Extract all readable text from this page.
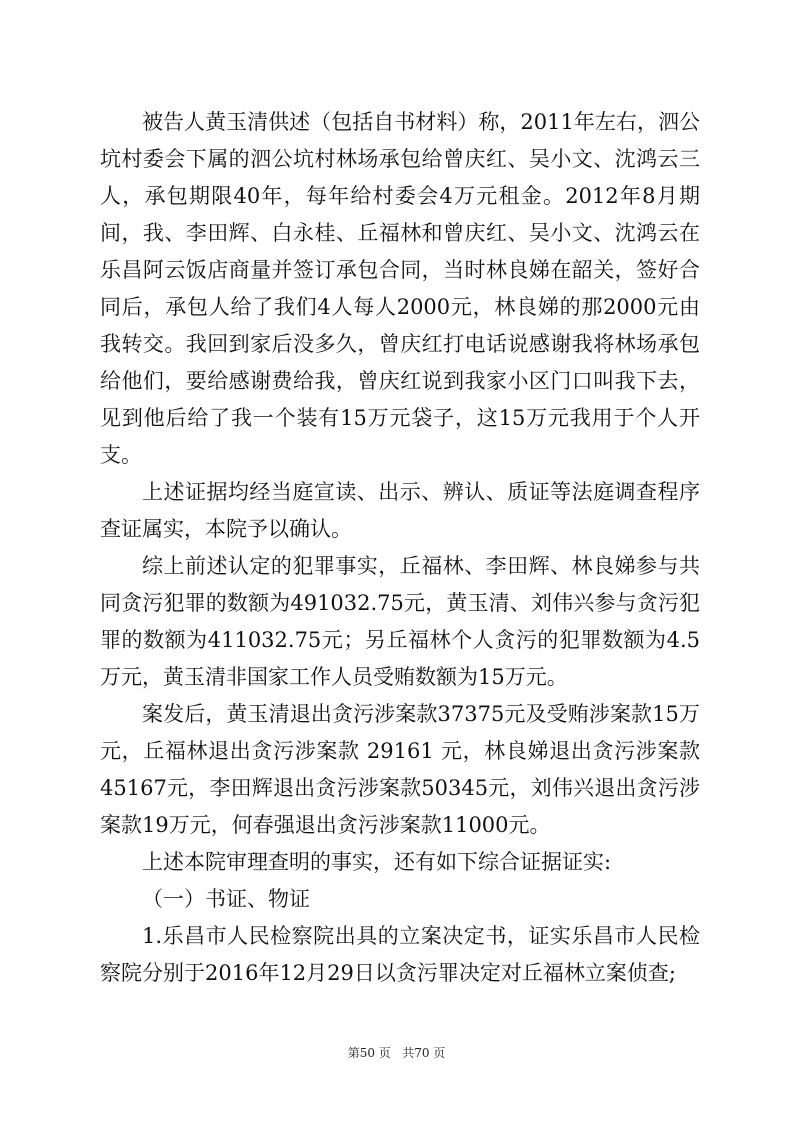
被告人黄玉清供述（包括自书材料）称，2011年左右，泗公坑村委会下属的泗公坑村林场承包给曾庆红、吴小文、沈鸿云三人，承包期限40年，每年给村委会4万元租金。2012年8月期间，我、李田辉、白永桂、丘福林和曾庆红、吴小文、沈鸿云在乐昌阿云饭店商量并签订承包合同，当时林良娣在韶关，签好合同后，承包人给了我们4人每人2000元，林良娣的那2000元由我转交。我回到家后没多久，曾庆红打电话说感谢我将林场承包给他们，要给感谢费给我，曾庆红说到我家小区门口叫我下去，见到他后给了我一个装有15万元袋子，这15万元我用于个人开支。

上述证据均经当庭宣读、出示、辨认、质证等法庭调查程序查证属实，本院予以确认。

综上前述认定的犯罪事实，丘福林、李田辉、林良娣参与共同贪污犯罪的数额为491032.75元，黄玉清、刘伟兴参与贪污犯罪的数额为411032.75元；另丘福林个人贪污的犯罪数额为4.5万元，黄玉清非国家工作人员受贿数额为15万元。

案发后，黄玉清退出贪污涉案款37375元及受贿涉案款15万元，丘福林退出贪污涉案款 29161 元，林良娣退出贪污涉案款45167元，李田辉退出贪污涉案款50345元，刘伟兴退出贪污涉案款19万元，何春强退出贪污涉案款11000元。

上述本院审理查明的事实，还有如下综合证据证实:

（一）书证、物证

1.乐昌市人民检察院出具的立案决定书，证实乐昌市人民检察院分别于2016年12月29日以贪污罪决定对丘福林立案侦查;

第50 页   共70 页
